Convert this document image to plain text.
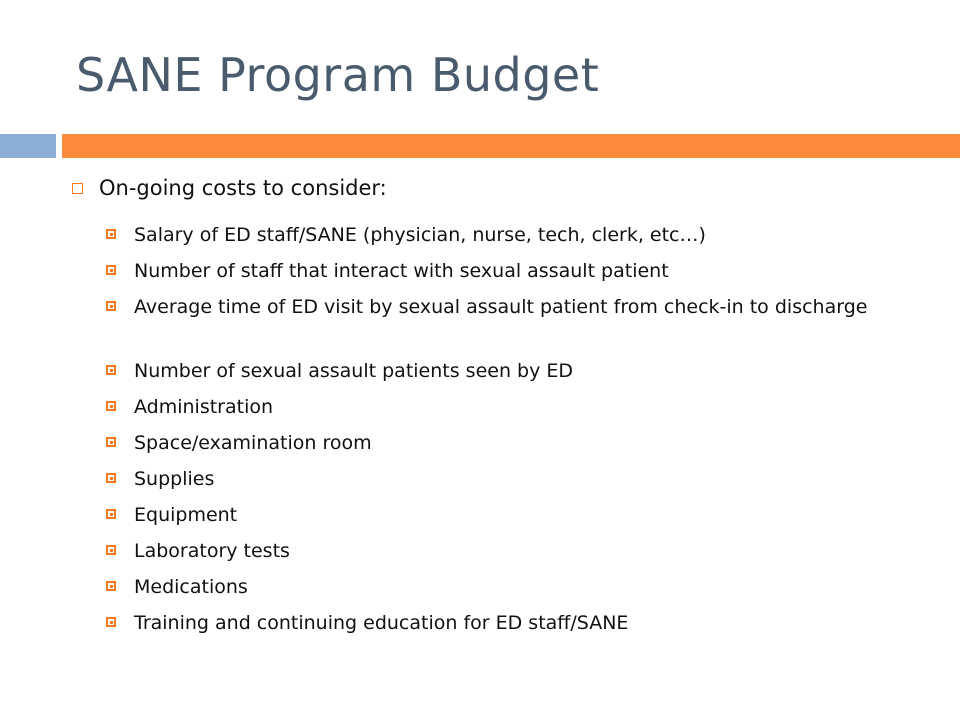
SANE Program Budget
On-going costs to consider:
Salary of ED staff/SANE (physician, nurse, tech, clerk, etc…)
Number of staff that interact with sexual assault patient
Average time of ED visit by sexual assault patient from check-in to discharge
Number of sexual assault patients seen by ED
Administration
Space/examination room
Supplies
Equipment
Laboratory tests
Medications
Training and continuing education for ED staff/SANE
